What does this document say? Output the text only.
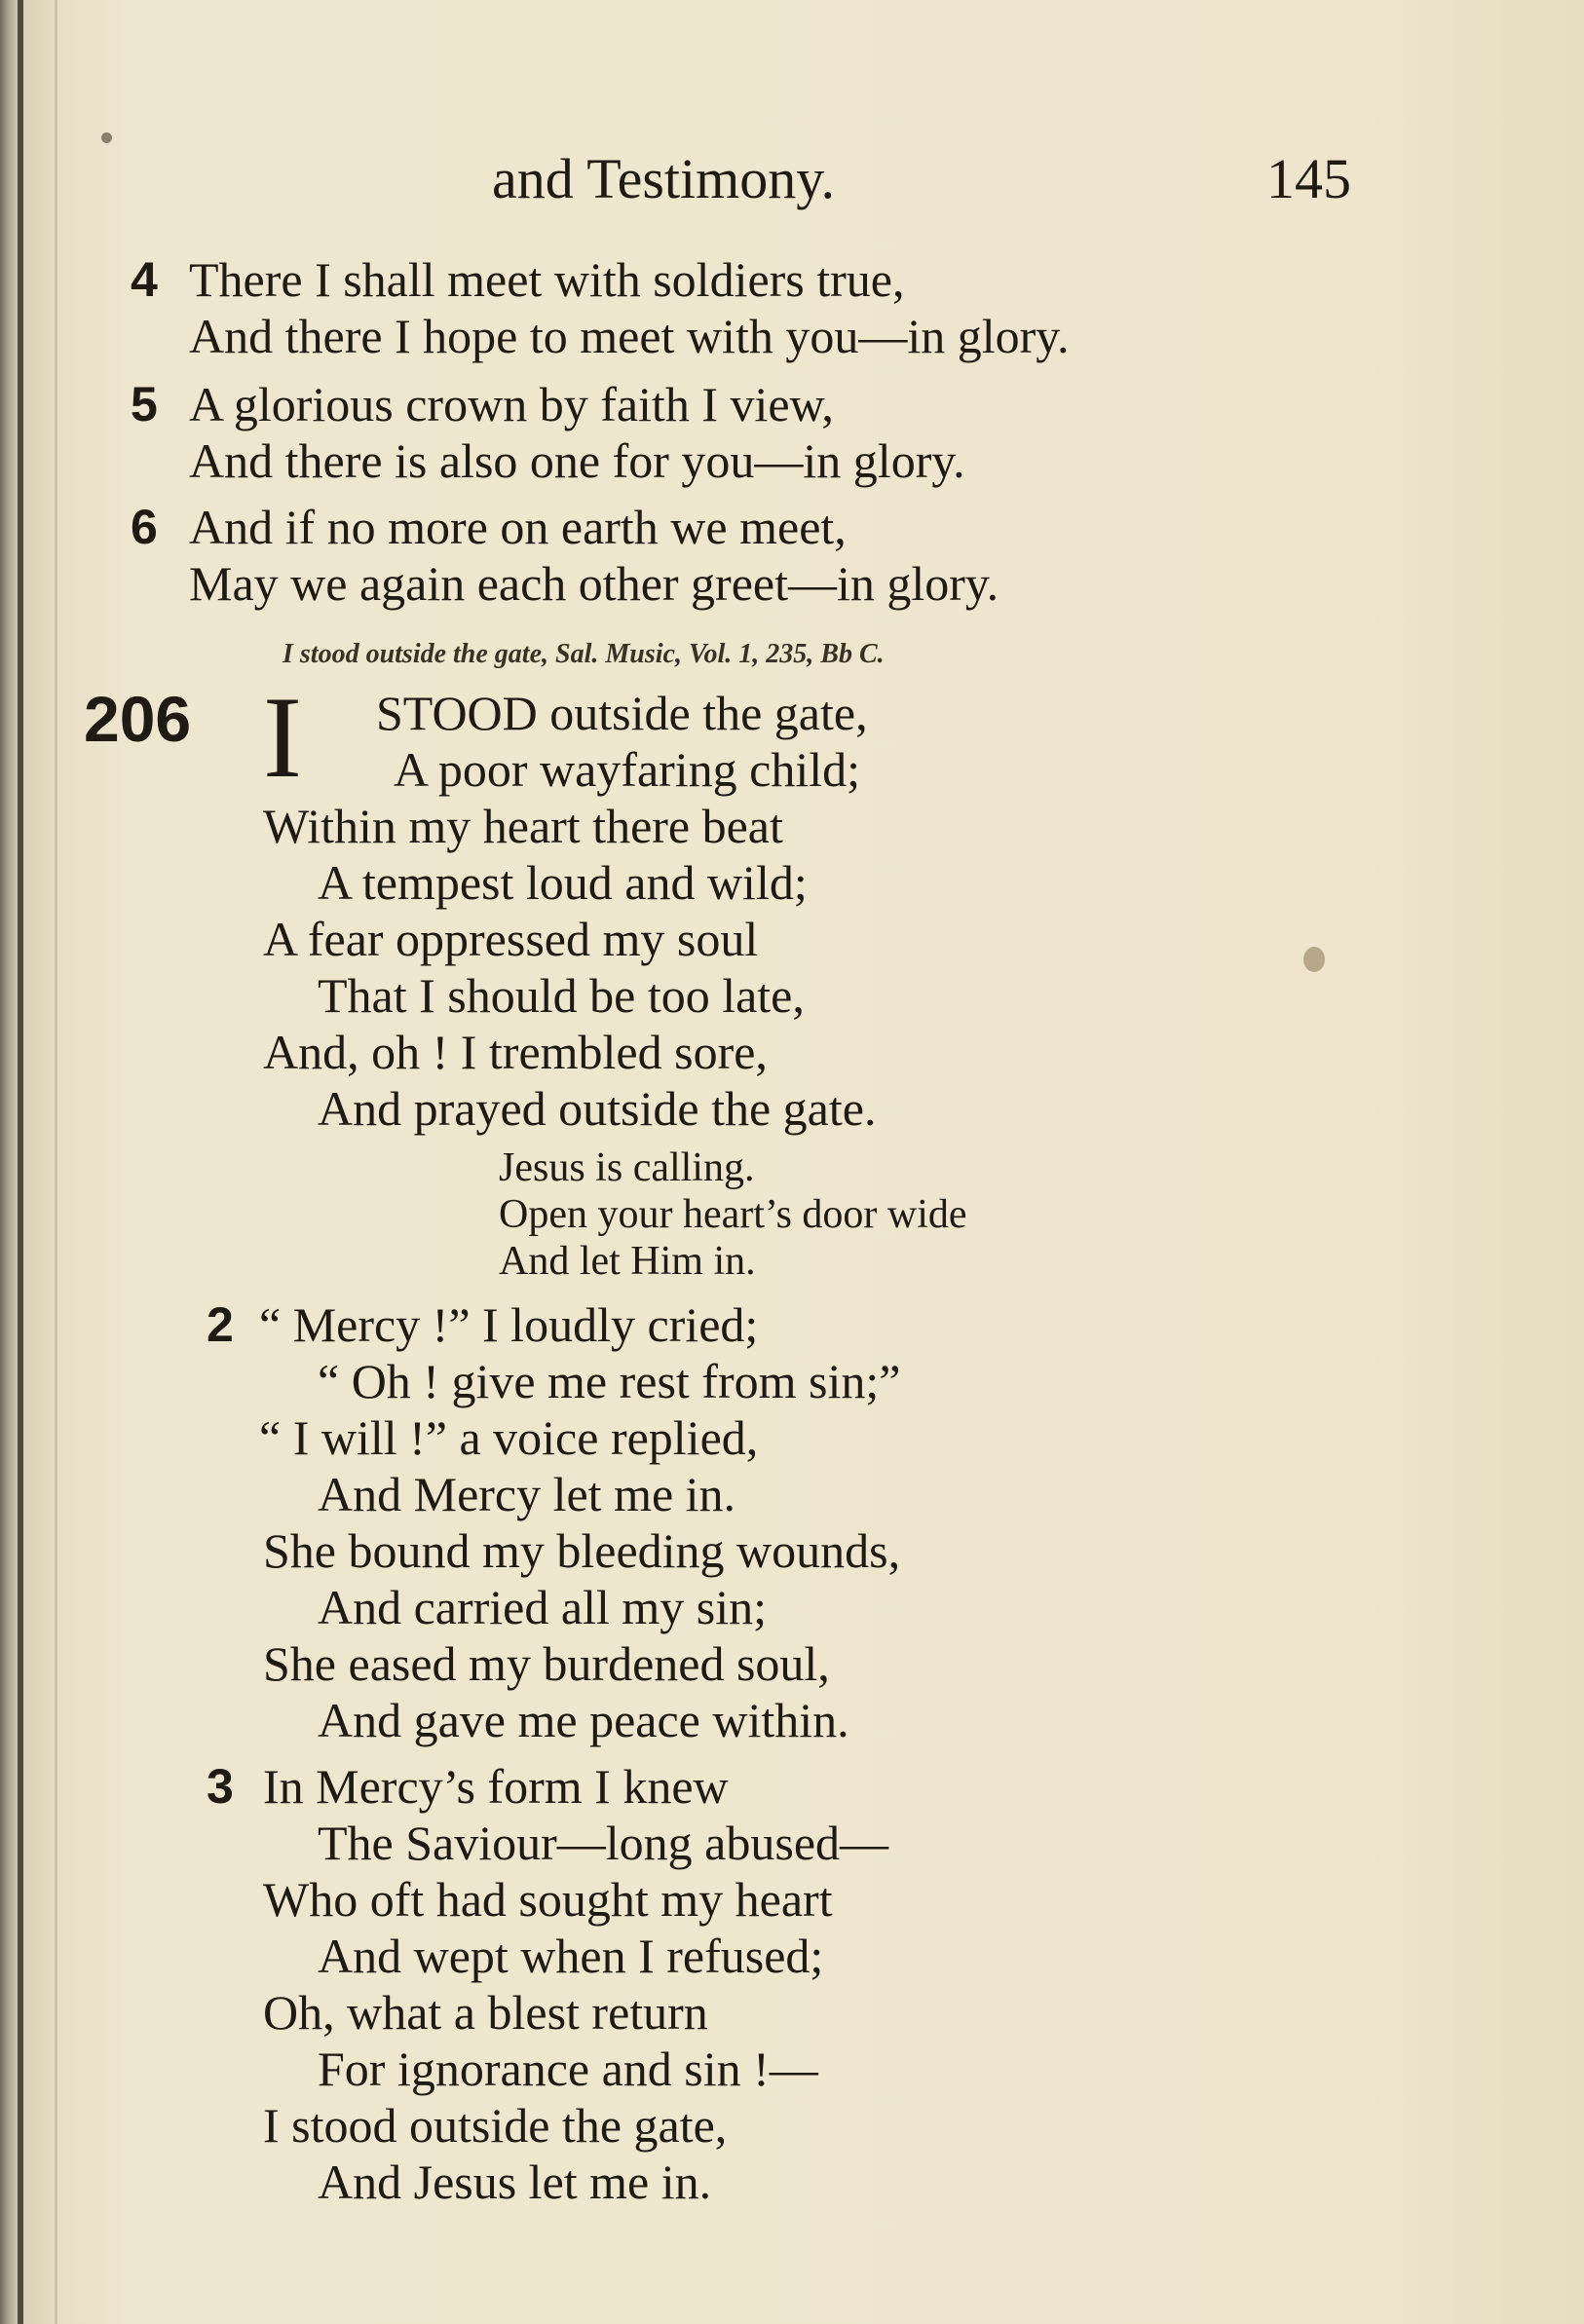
and Testimony.	145
4 There I shall meet with soldiers true,
And there I hope to meet with you—in glory.
5 A glorious crown by faith I view,
And there is also one for you—in glory.
6 And if no more on earth we meet,
May we again each other greet—in glory.
I stood outside the gate, Sal. Music, Vol. 1, 235, Bb C.
206 I STOOD outside the gate,
A poor wayfaring child;
Within my heart there beat
A tempest loud and wild;
A fear oppressed my soul
That I should be too late,
And, oh ! I trembled sore,
And prayed outside the gate.
Jesus is calling.
Open your heart’s door wide
And let Him in.
2 “ Mercy !” I loudly cried;
“ Oh ! give me rest from sin;”
“ I will !” a voice replied,
And Mercy let me in.
She bound my bleeding wounds,
And carried all my sin;
She eased my burdened soul,
And gave me peace within.
3 In Mercy’s form I knew
The Saviour—long abused—
Who oft had sought my heart
And wept when I refused;
Oh, what a blest return
For ignorance and sin !—
I stood outside the gate,
And Jesus let me in.
